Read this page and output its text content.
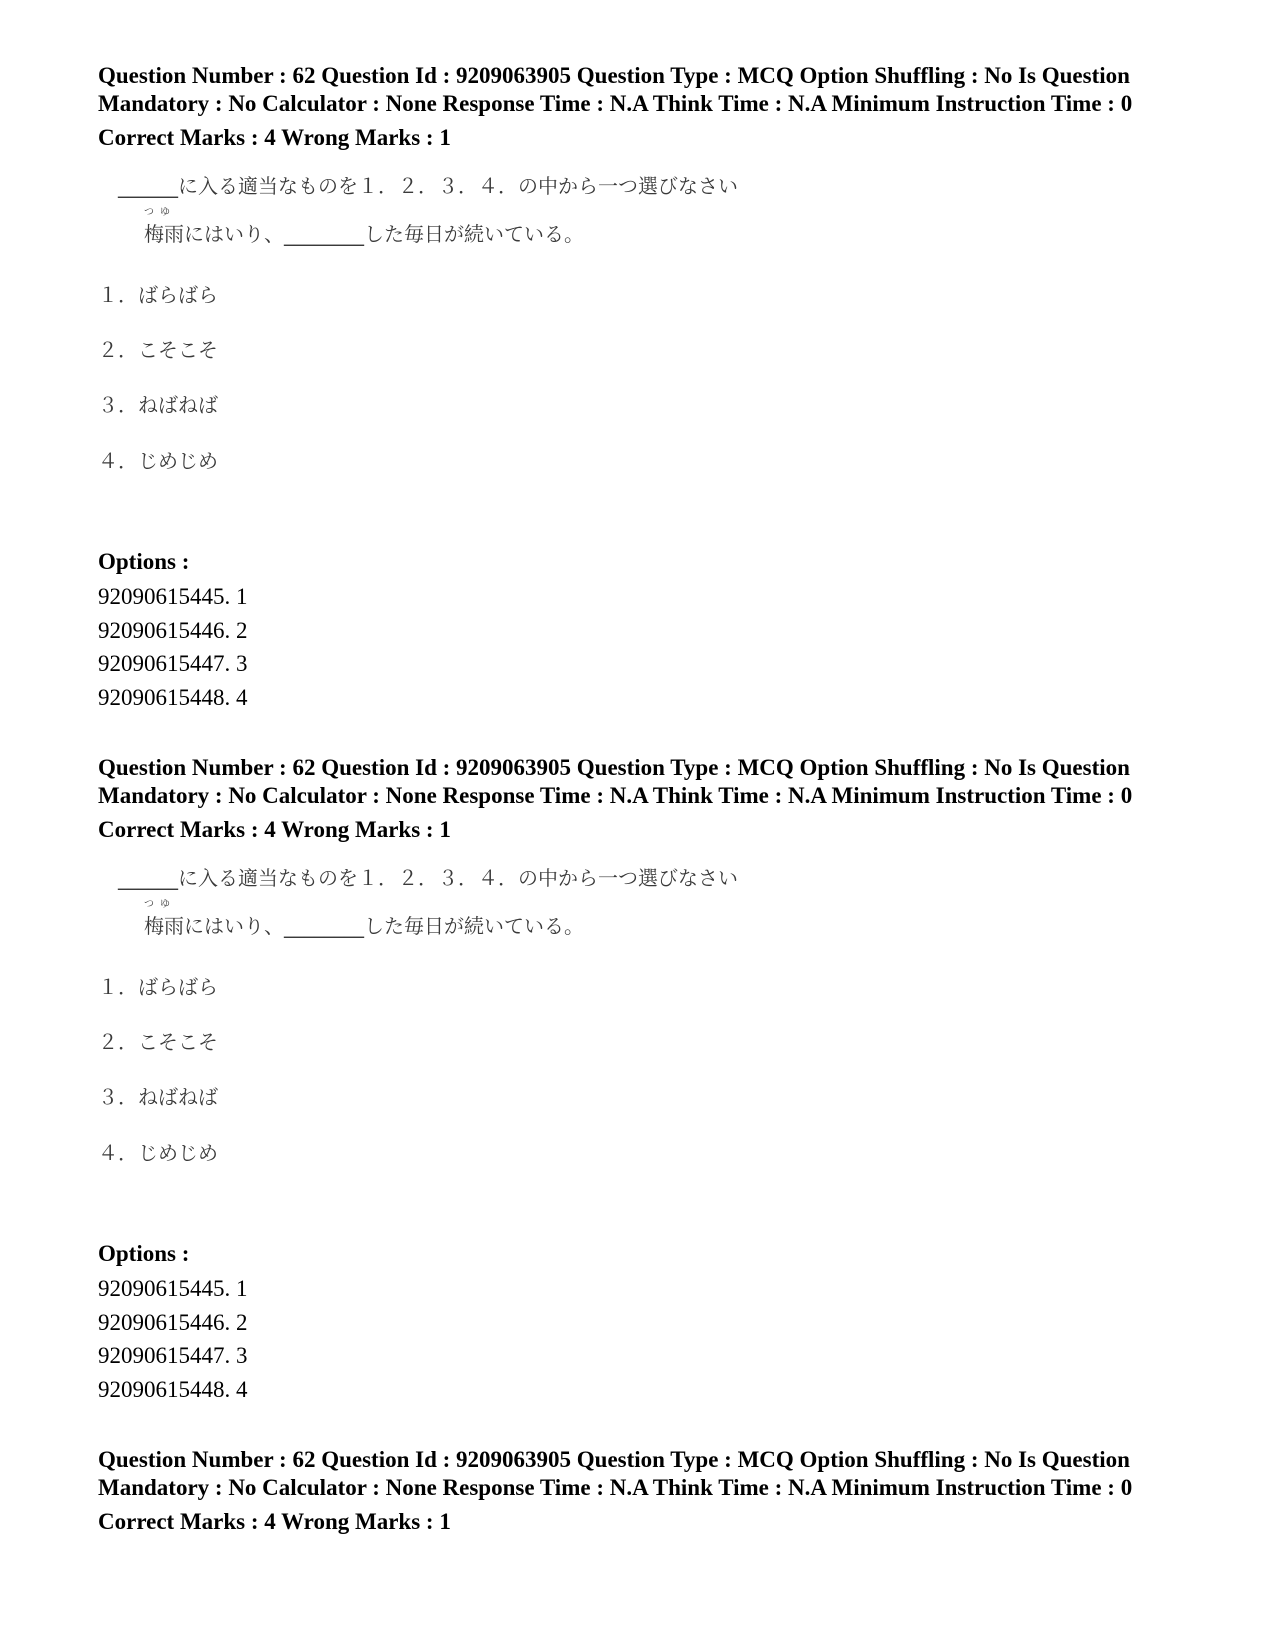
Question Number : 62 Question Id : 9209063905 Question Type : MCQ Option Shuffling : No Is Question Mandatory : No Calculator : None Response Time : N.A Think Time : N.A Minimum Instruction Time : 0

Correct Marks : 4 Wrong Marks : 1

______に入る適当なものを１．２．３．４．の中から一つ選びなさい
つゆ
梅雨にはいり、________した毎日が続いている。
１．ばらばら
２．こそこそ
３．ねばねば
４．じめじめ

Options :

92090615445. 1
92090615446. 2
92090615447. 3
92090615448. 4

Question Number : 62 Question Id : 9209063905 Question Type : MCQ Option Shuffling : No Is Question Mandatory : No Calculator : None Response Time : N.A Think Time : N.A Minimum Instruction Time : 0

Correct Marks : 4 Wrong Marks : 1

______に入る適当なものを１．２．３．４．の中から一つ選びなさい
つゆ
梅雨にはいり、________した毎日が続いている。
１．ばらばら
２．こそこそ
３．ねばねば
４．じめじめ

Options :

92090615445. 1
92090615446. 2
92090615447. 3
92090615448. 4

Question Number : 62 Question Id : 9209063905 Question Type : MCQ Option Shuffling : No Is Question Mandatory : No Calculator : None Response Time : N.A Think Time : N.A Minimum Instruction Time : 0

Correct Marks : 4 Wrong Marks : 1
